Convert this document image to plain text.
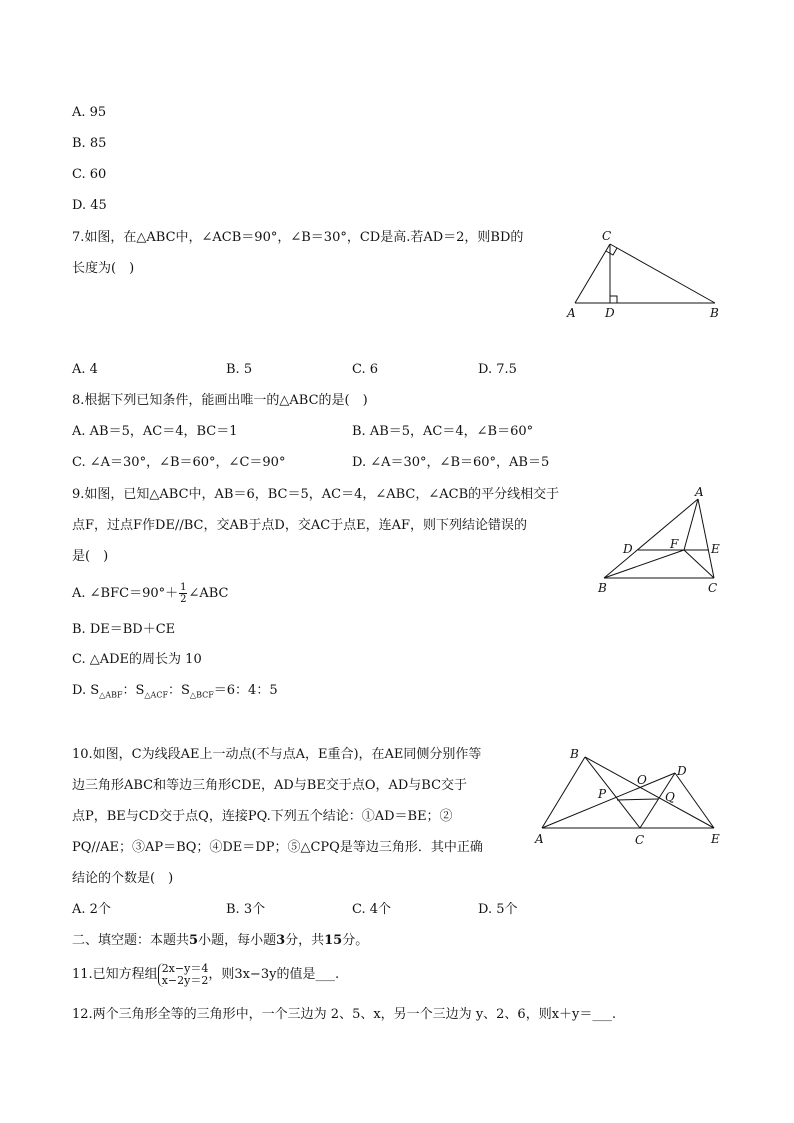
A. 95
B. 85
C. 60
D. 45
7.如图，在△ABC中，∠ACB＝90°，∠B＝30°，CD是高.若AD＝2，则BD的
长度为(　)
C
A D	B
A. 4	B. 5	C. 6	D. 7.5
8.根据下列已知条件，能画出唯一的△ABC的是(　)
A. AB＝5，AC＝4，BC＝1	B. AB＝5，AC＝4，∠B＝60°
C. ∠A＝30°，∠B＝60°，∠C＝90°	D. ∠A＝30°，∠B＝60°，AB＝5
9.如图，已知△ABC中，AB＝6，BC＝5，AC＝4，∠ABC，∠ACB的平分线相交于
点F，过点F作DE//BC，交AB于点D，交AC于点E，连AF，则下列结论错误的
是(　)
A
D	F	E
B	C
A. ∠BFC＝90°＋ $\frac{1}{2}\angle ABC$
B. DE＝BD＋CE
C. △ADE的周长为 10
D. $S_{\triangle ABF}$：$S_{\triangle ACF}$：$S_{\triangle BCF}=6$：4：5
10.如图，C为线段AE上一动点(不与点A，E重合)，在AE同侧分别作等
边三角形ABC和等边三角形CDE，AD与BE交于点O，AD与BC交于
点P，BE与CD交于点Q，连接PQ.下列五个结论：①AD＝BE；②
PQ//AE；③AP＝BQ；④DE＝DP；⑤△CPQ是等边三角形．其中正确
结论的个数是(　)
B
O
D
P	Q
A	C	E
A. 2个	B. 3个	C. 4个	D. 5个
二、填空题：本题共5小题，每小题3分，共15分。
11.已知方程组 2x−y＝4
x−2y＝2 ，则3x−3y的值是___.
12.两个三角形全等的三角形中，一个三边为 2、5、x，另一个三边为 y、2、6，则x＋y＝___.
